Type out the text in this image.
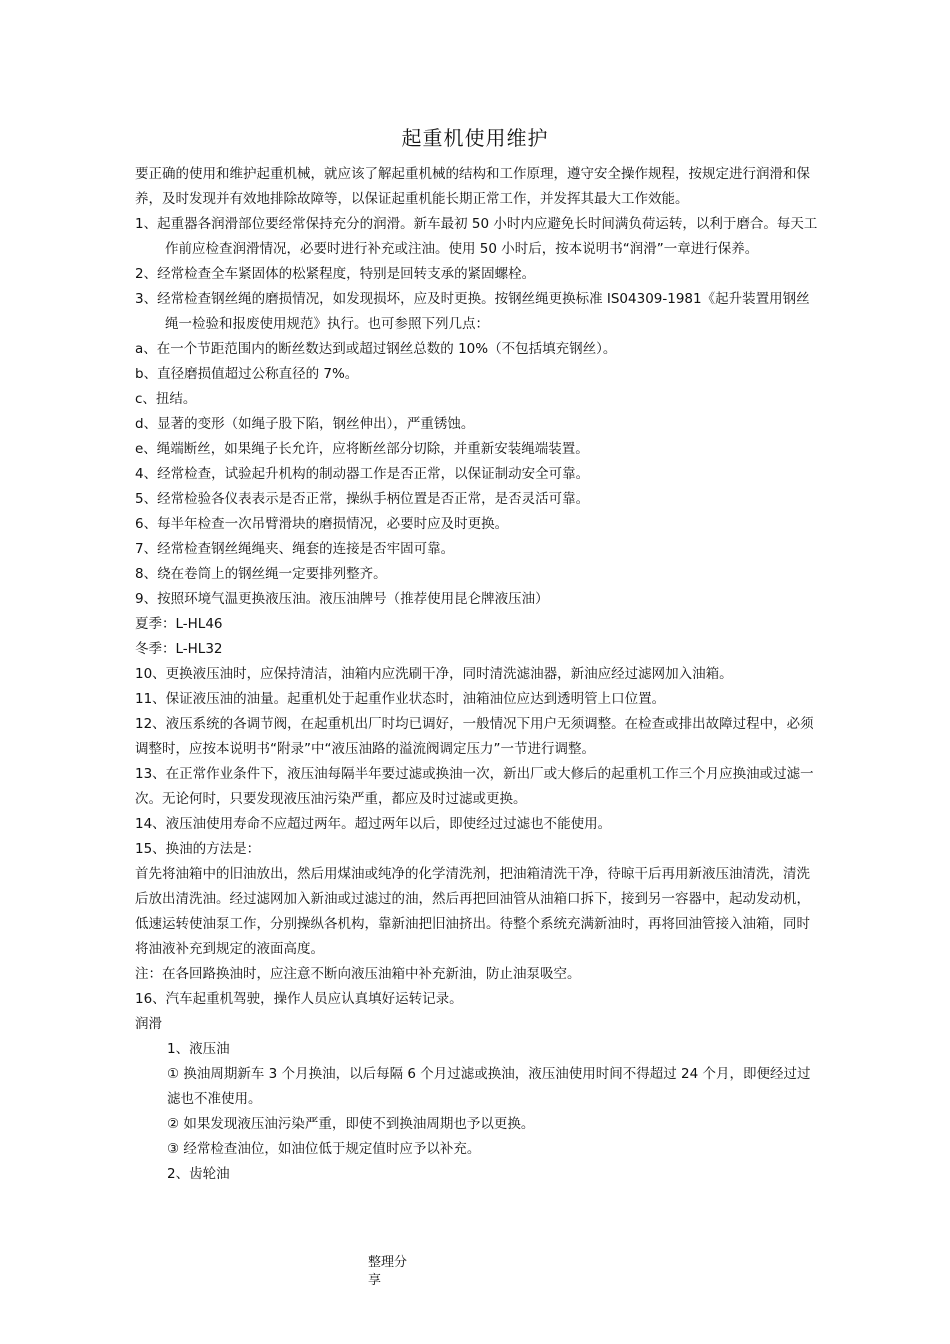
起重机使用维护

要正确的使用和维护起重机械，就应该了解起重机械的结构和工作原理，遵守安全操作规程，按规定进行润滑和保养，及时发现并有效地排除故障等，以保证起重机能长期正常工作，并发挥其最大工作效能。

1、起重器各润滑部位要经常保持充分的润滑。新车最初 50 小时内应避免长时间满负荷运转，以利于磨合。每天工作前应检查润滑情况，必要时进行补充或注油。使用 50 小时后，按本说明书“润滑”一章进行保养。

2、经常检查全车紧固体的松紧程度，特别是回转支承的紧固螺栓。

3、经常检查钢丝绳的磨损情况，如发现损坏，应及时更换。按钢丝绳更换标准 IS04309-1981《起升装置用钢丝绳一检验和报废使用规范》执行。也可参照下列几点：

a、在一个节距范围内的断丝数达到或超过钢丝总数的 10%（不包括填充钢丝）。

b、直径磨损值超过公称直径的 7%。

c、扭结。

d、显著的变形（如绳子股下陷，钢丝伸出），严重锈蚀。

e、绳端断丝，如果绳子长允许，应将断丝部分切除，并重新安装绳端装置。

4、经常检查，试验起升机构的制动器工作是否正常，以保证制动安全可靠。

5、经常检验各仪表表示是否正常，操纵手柄位置是否正常，是否灵活可靠。

6、每半年检查一次吊臂滑块的磨损情况，必要时应及时更换。

7、经常检查钢丝绳绳夹、绳套的连接是否牢固可靠。

8、绕在卷筒上的钢丝绳一定要排列整齐。

9、按照环境气温更换液压油。液压油牌号（推荐使用昆仑牌液压油）

夏季：L-HL46

冬季：L-HL32

10、更换液压油时，应保持清洁，油箱内应洗刷干净，同时清洗滤油器，新油应经过滤网加入油箱。

11、保证液压油的油量。起重机处于起重作业状态时，油箱油位应达到透明管上口位置。

12、液压系统的各调节阀，在起重机出厂时均已调好，一般情况下用户无须调整。在检查或排出故障过程中，必须调整时，应按本说明书“附录”中“液压油路的溢流阀调定压力”一节进行调整。

13、在正常作业条件下，液压油每隔半年要过滤或换油一次，新出厂或大修后的起重机工作三个月应换油或过滤一次。无论何时，只要发现液压油污染严重，都应及时过滤或更换。

14、液压油使用寿命不应超过两年。超过两年以后，即使经过过滤也不能使用。

15、换油的方法是：

首先将油箱中的旧油放出，然后用煤油或纯净的化学清洗剂，把油箱清洗干净，待晾干后再用新液压油清洗，清洗后放出清洗油。经过滤网加入新油或过滤过的油，然后再把回油管从油箱口拆下，接到另一容器中，起动发动机，低速运转使油泵工作，分别操纵各机构，靠新油把旧油挤出。待整个系统充满新油时，再将回油管接入油箱，同时将油液补充到规定的液面高度。

注：在各回路换油时，应注意不断向液压油箱中补充新油，防止油泵吸空。

16、汽车起重机驾驶，操作人员应认真填好运转记录。

润滑

1、液压油

① 换油周期新车 3 个月换油，以后每隔 6 个月过滤或换油，液压油使用时间不得超过 24 个月，即便经过过滤也不准使用。

② 如果发现液压油污染严重，即使不到换油周期也予以更换。

③ 经常检查油位，如油位低于规定值时应予以补充。

2、齿轮油

整理分享
